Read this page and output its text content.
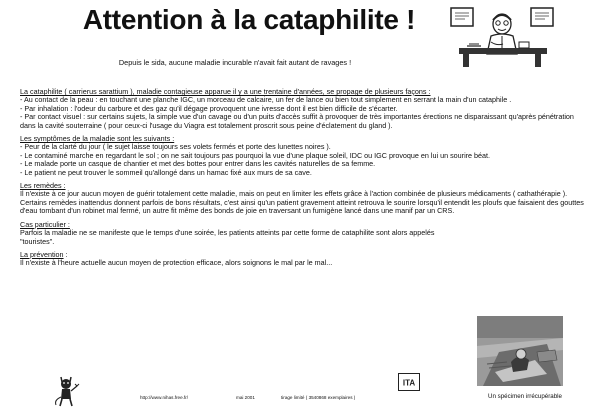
Attention à la cataphilite !
Depuis le sida, aucune maladie incurable n'avait fait autant de ravages !

La cataphilite ( carrierus sarattium ), maladie contagieuse apparue il y a une trentaine d'années, se propage de plusieurs façons :

- Au contact de la peau : en touchant une planche IGC, un morceau de calcaire, un fer de lance ou bien tout simplement en serrant la main d'un cataphile .

- Par inhalation : l'odeur du carbure et des gaz qu'il dégage provoquent une ivresse dont il est bien difficile de s'écarter.

- Par contact visuel : sur certains sujets, la simple vue d'un cavage ou d'un puits d'accès suffit à provoquer de très importantes érections ne disparaissant qu'après pénétration dans la cavité souterraine ( pour ceux-ci l'usage du Viagra est totalement proscrit sous peine d'éclatement du gland ).

Les symptômes de la maladie sont les suivants :

- Peur de la clarté du jour ( le sujet laisse toujours ses volets fermés et porte des lunettes noires ).

- Le contaminé marche en regardant le sol ; on ne sait toujours pas pourquoi la vue d'une plaque soleil, IDC ou IGC provoque en lui un sourire béat.

- Le malade porte un casque de chantier et met des bottes pour entrer dans les cavités naturelles de sa femme.

- Le patient ne peut trouver le sommeil qu'allongé dans un hamac fixé aux murs de sa cave.

Les remèdes :

Il n'existe à ce jour aucun moyen de guérir totalement cette maladie, mais on peut en limiter les effets grâce à l'action combinée de plusieurs médicaments ( cathathérapie ).

Certains remèdes inattendus donnent parfois de bons résultats, c'est ainsi qu'un patient gravement atteint retrouva le sourire lorsqu'il entendit les ploufs que faisaient des gouttes d'eau tombant d'un robinet mal fermé, un autre fit même des bonds de joie en traversant un fumigène lancé dans une manif par un CRS.

Cas particulier :

Parfois la maladie ne se manifeste que le temps d'une soirée, les patients atteints par cette forme de cataphilite sont alors appelés "touristes".

La prévention :

Il n'existe à l'heure actuelle aucun moyen de protection efficace, alors soignons le mal par le mal...

http://www.nihas.free.fr/	mai 2001	tirage limité ( 3540868 exemplaires )
ITA
Un spécimen irrécupérable
